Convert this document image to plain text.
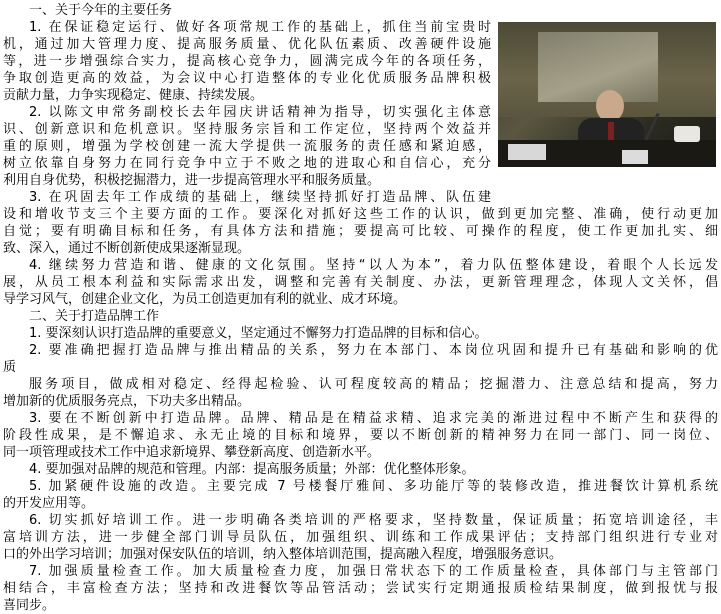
一、关于今年的主要任务
1. 在保证稳定运行、做好各项常规工作的基础上，抓住当前宝贵时
机，通过加大管理力度、提高服务质量、优化队伍素质、改善硬件设施
等，进一步增强综合实力，提高核心竞争力，圆满完成今年的各项任务，
争取创造更高的效益，为会议中心打造整体的专业化优质服务品牌积极
贡献力量，力争实现稳定、健康、持续发展。
2. 以陈文申常务副校长去年园庆讲话精神为指导，切实强化主体意
识、创新意识和危机意识。坚持服务宗旨和工作定位，坚持两个效益并
重的原则，增强为学校创建一流大学提供一流服务的责任感和紧迫感，
树立依靠自身努力在同行竞争中立于不败之地的进取心和自信心，充分
利用自身优势，积极挖掘潜力，进一步提高管理水平和服务质量。
3. 在巩固去年工作成绩的基础上，继续坚持抓好打造品牌、队伍建
设和增收节支三个主要方面的工作。要深化对抓好这些工作的认识，做到更加完整、准确，使行动更加
自觉；要有明确目标和任务，有具体方法和措施；要提高可比较、可操作的程度，使工作更加扎实、细
致、深入，通过不断创新使成果逐渐显现。
4. 继续努力营造和谐、健康的文化氛围。坚持“以人为本”，着力队伍整体建设，着眼个人长远发
展，从员工根本利益和实际需求出发，调整和完善有关制度、办法，更新管理理念，体现人文关怀，倡
导学习风气，创建企业文化，为员工创造更加有利的就业、成才环境。
二、关于打造品牌工作
1. 要深刻认识打造品牌的重要意义，坚定通过不懈努力打造品牌的目标和信心。
2. 要准确把握打造品牌与推出精品的关系，努力在本部门、本岗位巩固和提升已有基础和影响的优
质
服务项目，做成相对稳定、经得起检验、认可程度较高的精品；挖掘潜力、注意总结和提高，努力
增加新的优质服务亮点，下功夫多出精品。
3. 要在不断创新中打造品牌。品牌、精品是在精益求精、追求完美的渐进过程中不断产生和获得的
阶段性成果，是不懈追求、永无止境的目标和境界，要以不断创新的精神努力在同一部门、同一岗位、
同一项管理或技术工作中追求新境界、攀登新高度、创造新水平。
4. 要加强对品牌的规范和管理。内部：提高服务质量；外部：优化整体形象。
5. 加紧硬件设施的改造。主要完成 7 号楼餐厅雅间、多功能厅等的装修改造，推进餐饮计算机系统
的开发应用等。
6. 切实抓好培训工作。进一步明确各类培训的严格要求，坚持数量，保证质量；拓宽培训途径，丰
富培训方法，进一步健全部门训导员队伍，加强组织、训练和工作成果评估；支持部门组织进行专业对
口的外出学习培训；加强对保安队伍的培训，纳入整体培训范围，提高融入程度，增强服务意识。
7. 加强质量检查工作。加大质量检查力度，加强日常状态下的工作质量检查，具体部门与主管部门
相结合，丰富检查方法；坚持和改进餐饮等品管活动；尝试实行定期通报质检结果制度，做到报忧与报
喜同步。
